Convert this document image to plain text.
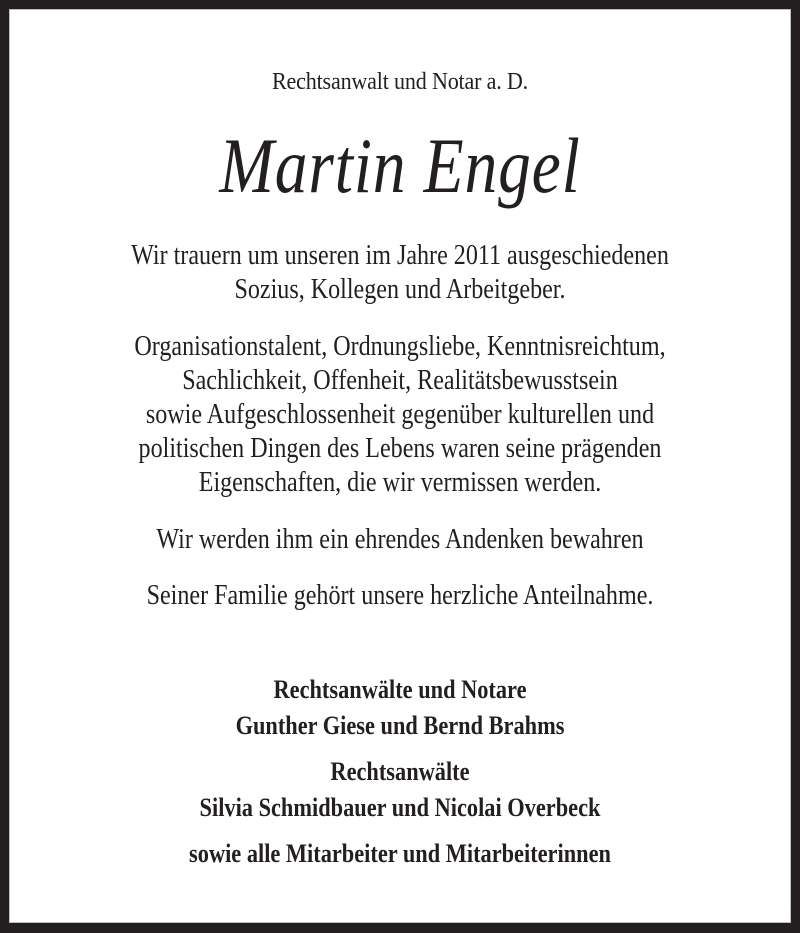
Rechtsanwalt und Notar a. D.
Martin Engel
Wir trauern um unseren im Jahre 2011 ausgeschiedenen
Sozius, Kollegen und Arbeitgeber.
Organisationstalent, Ordnungsliebe, Kenntnisreichtum,
Sachlichkeit, Offenheit, Realitätsbewusstsein
sowie Aufgeschlossenheit gegenüber kulturellen und
politischen Dingen des Lebens waren seine prägenden
Eigenschaften, die wir vermissen werden.
Wir werden ihm ein ehrendes Andenken bewahren
Seiner Familie gehört unsere herzliche Anteilnahme.
Rechtsanwälte und Notare
Gunther Giese und Bernd Brahms
Rechtsanwälte
Silvia Schmidbauer und Nicolai Overbeck
sowie alle Mitarbeiter und Mitarbeiterinnen
